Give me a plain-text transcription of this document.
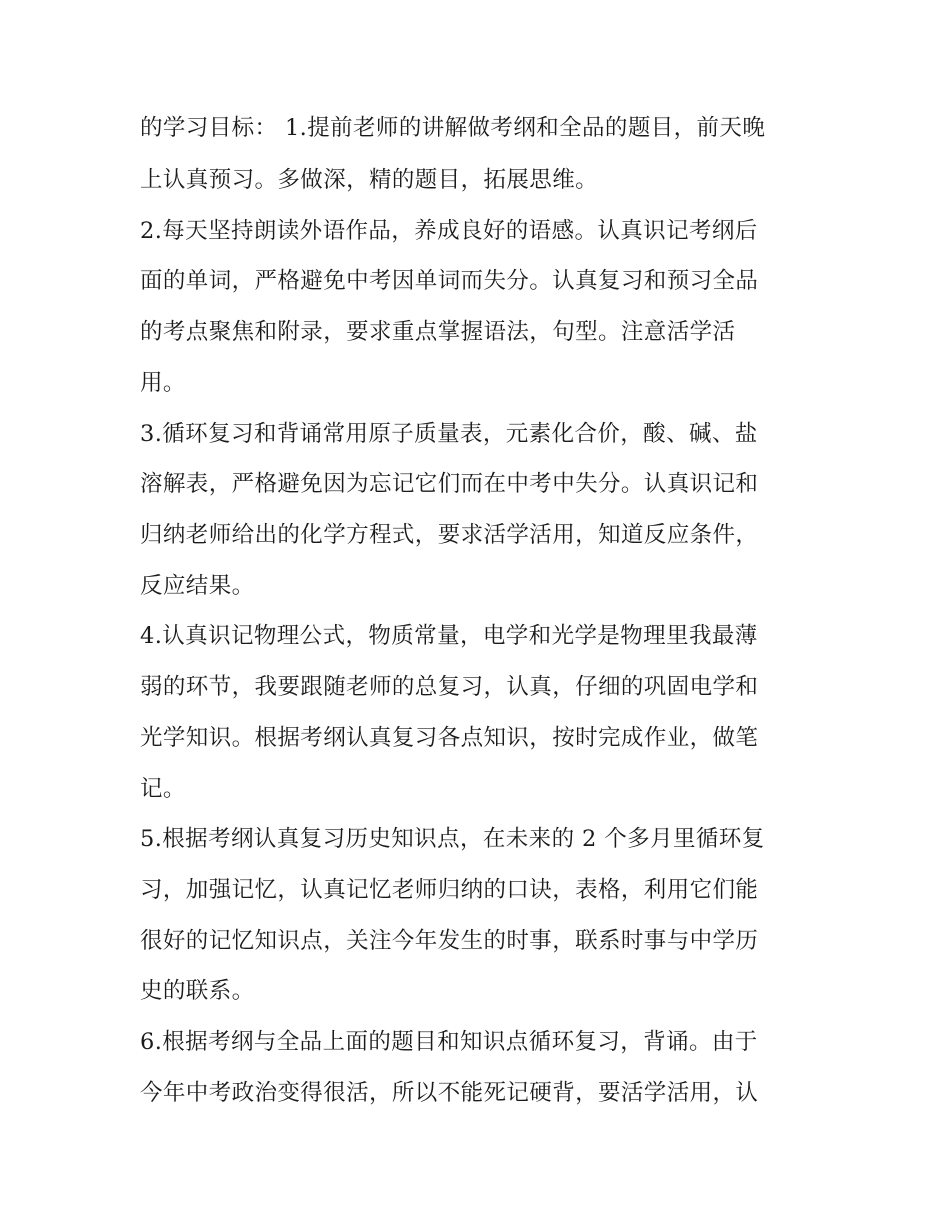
的学习目标： 1.提前老师的讲解做考纲和全品的题目，前天晚
上认真预习。多做深，精的题目，拓展思维。
2.每天坚持朗读外语作品，养成良好的语感。认真识记考纲后
面的单词，严格避免中考因单词而失分。认真复习和预习全品
的考点聚焦和附录，要求重点掌握语法，句型。注意活学活
用。
3.循环复习和背诵常用原子质量表，元素化合价，酸、碱、盐
溶解表，严格避免因为忘记它们而在中考中失分。认真识记和
归纳老师给出的化学方程式，要求活学活用，知道反应条件，
反应结果。
4.认真识记物理公式，物质常量，电学和光学是物理里我最薄
弱的环节，我要跟随老师的总复习，认真，仔细的巩固电学和
光学知识。根据考纲认真复习各点知识，按时完成作业，做笔
记。
5.根据考纲认真复习历史知识点，在未来的 2 个多月里循环复
习，加强记忆，认真记忆老师归纳的口诀，表格，利用它们能
很好的记忆知识点，关注今年发生的时事，联系时事与中学历
史的联系。
6.根据考纲与全品上面的题目和知识点循环复习，背诵。由于
今年中考政治变得很活，所以不能死记硬背，要活学活用，认
